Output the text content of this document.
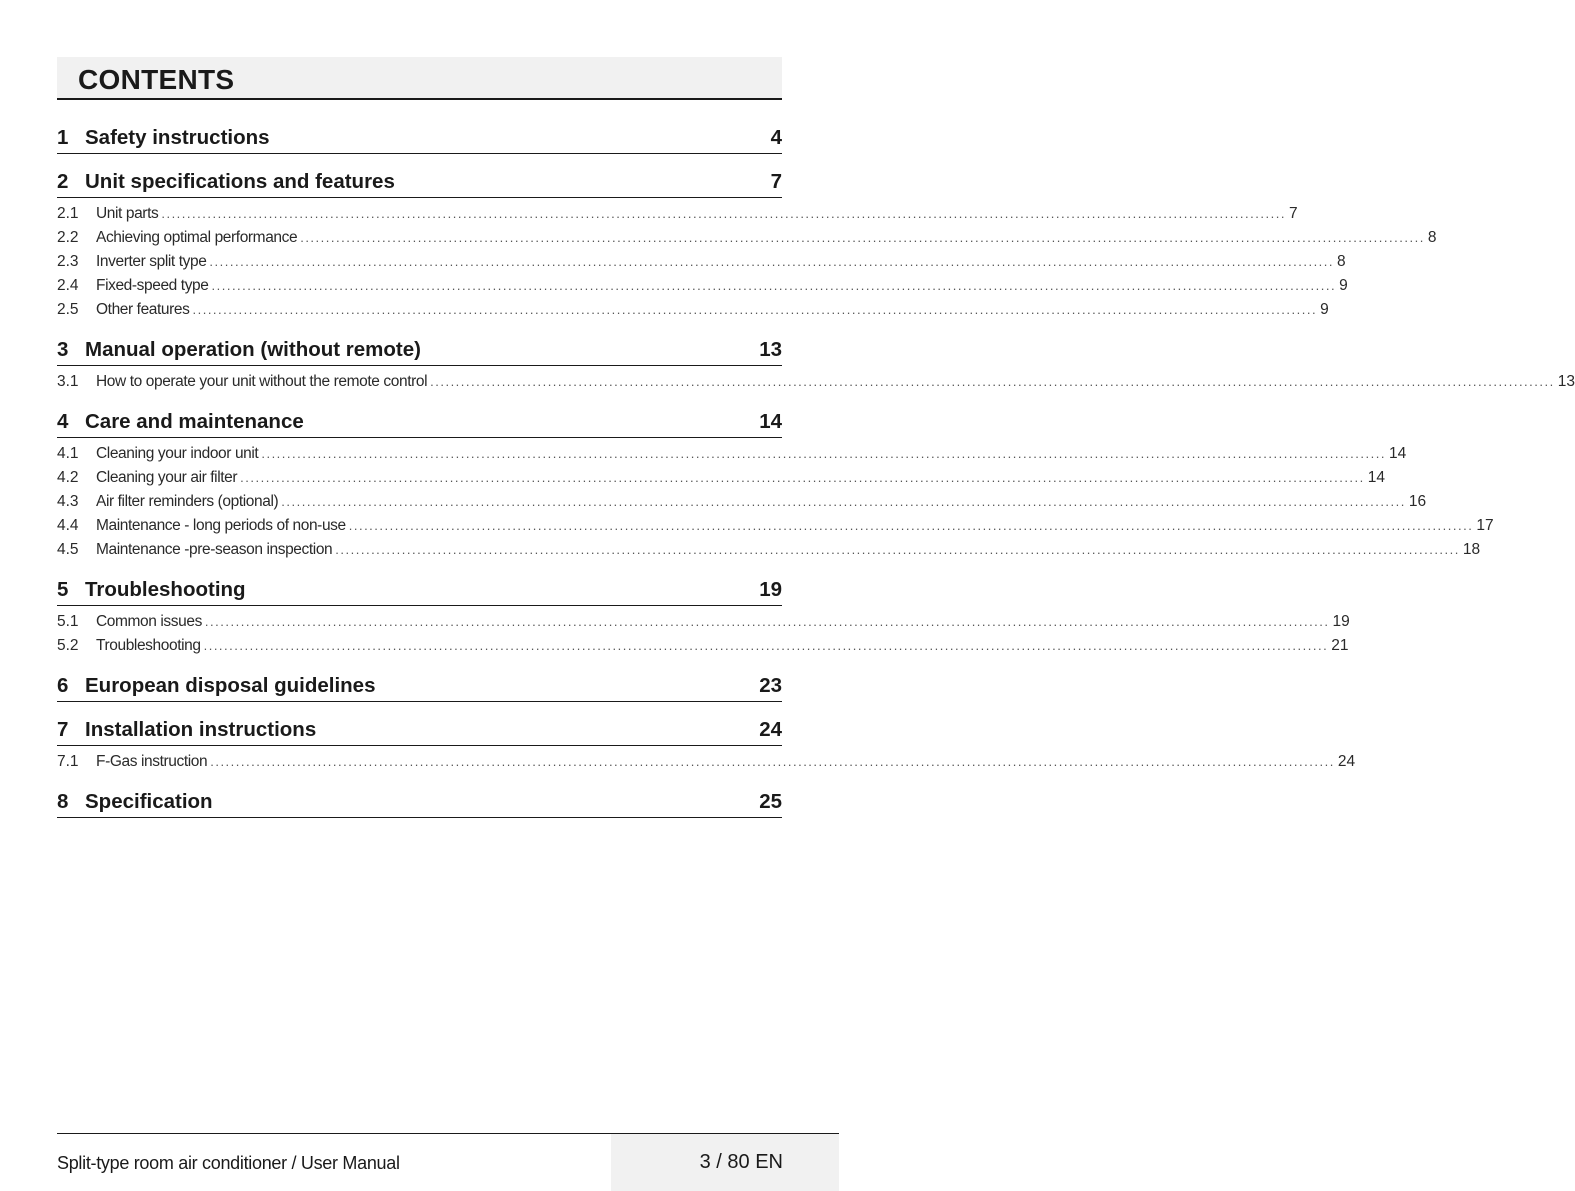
CONTENTS
1 Safety instructions	4
2 Unit specifications and features	7
2.1	Unit parts ............................................................................................................................................................................................................................ 7
2.2	Achieving optimal performance ............................................................................................................................................................................................................................ 8
2.3	Inverter split type ............................................................................................................................................................................................................................ 8
2.4	Fixed-speed type ............................................................................................................................................................................................................................ 9
2.5	Other features ............................................................................................................................................................................................................................ 9
3 Manual operation (without remote)	13
3.1	How to operate your unit without the remote control ............................................................................................................................................................................................................................ 13
4 Care and maintenance	14
4.1	Cleaning your indoor unit ............................................................................................................................................................................................................................ 14
4.2	Cleaning your air filter ............................................................................................................................................................................................................................ 14
4.3	Air filter reminders (optional) ............................................................................................................................................................................................................................ 16
4.4	Maintenance - long periods of non-use ............................................................................................................................................................................................................................ 17
4.5	Maintenance -pre-season inspection ............................................................................................................................................................................................................................ 18
5 Troubleshooting	19
5.1	Common issues ............................................................................................................................................................................................................................ 19
5.2	Troubleshooting ............................................................................................................................................................................................................................ 21
6 European disposal guidelines	23
7 Installation instructions	24
7.1	F-Gas instruction ............................................................................................................................................................................................................................ 24
8 Specification	25
Split-type room air conditioner / User Manual	3 / 80 EN
